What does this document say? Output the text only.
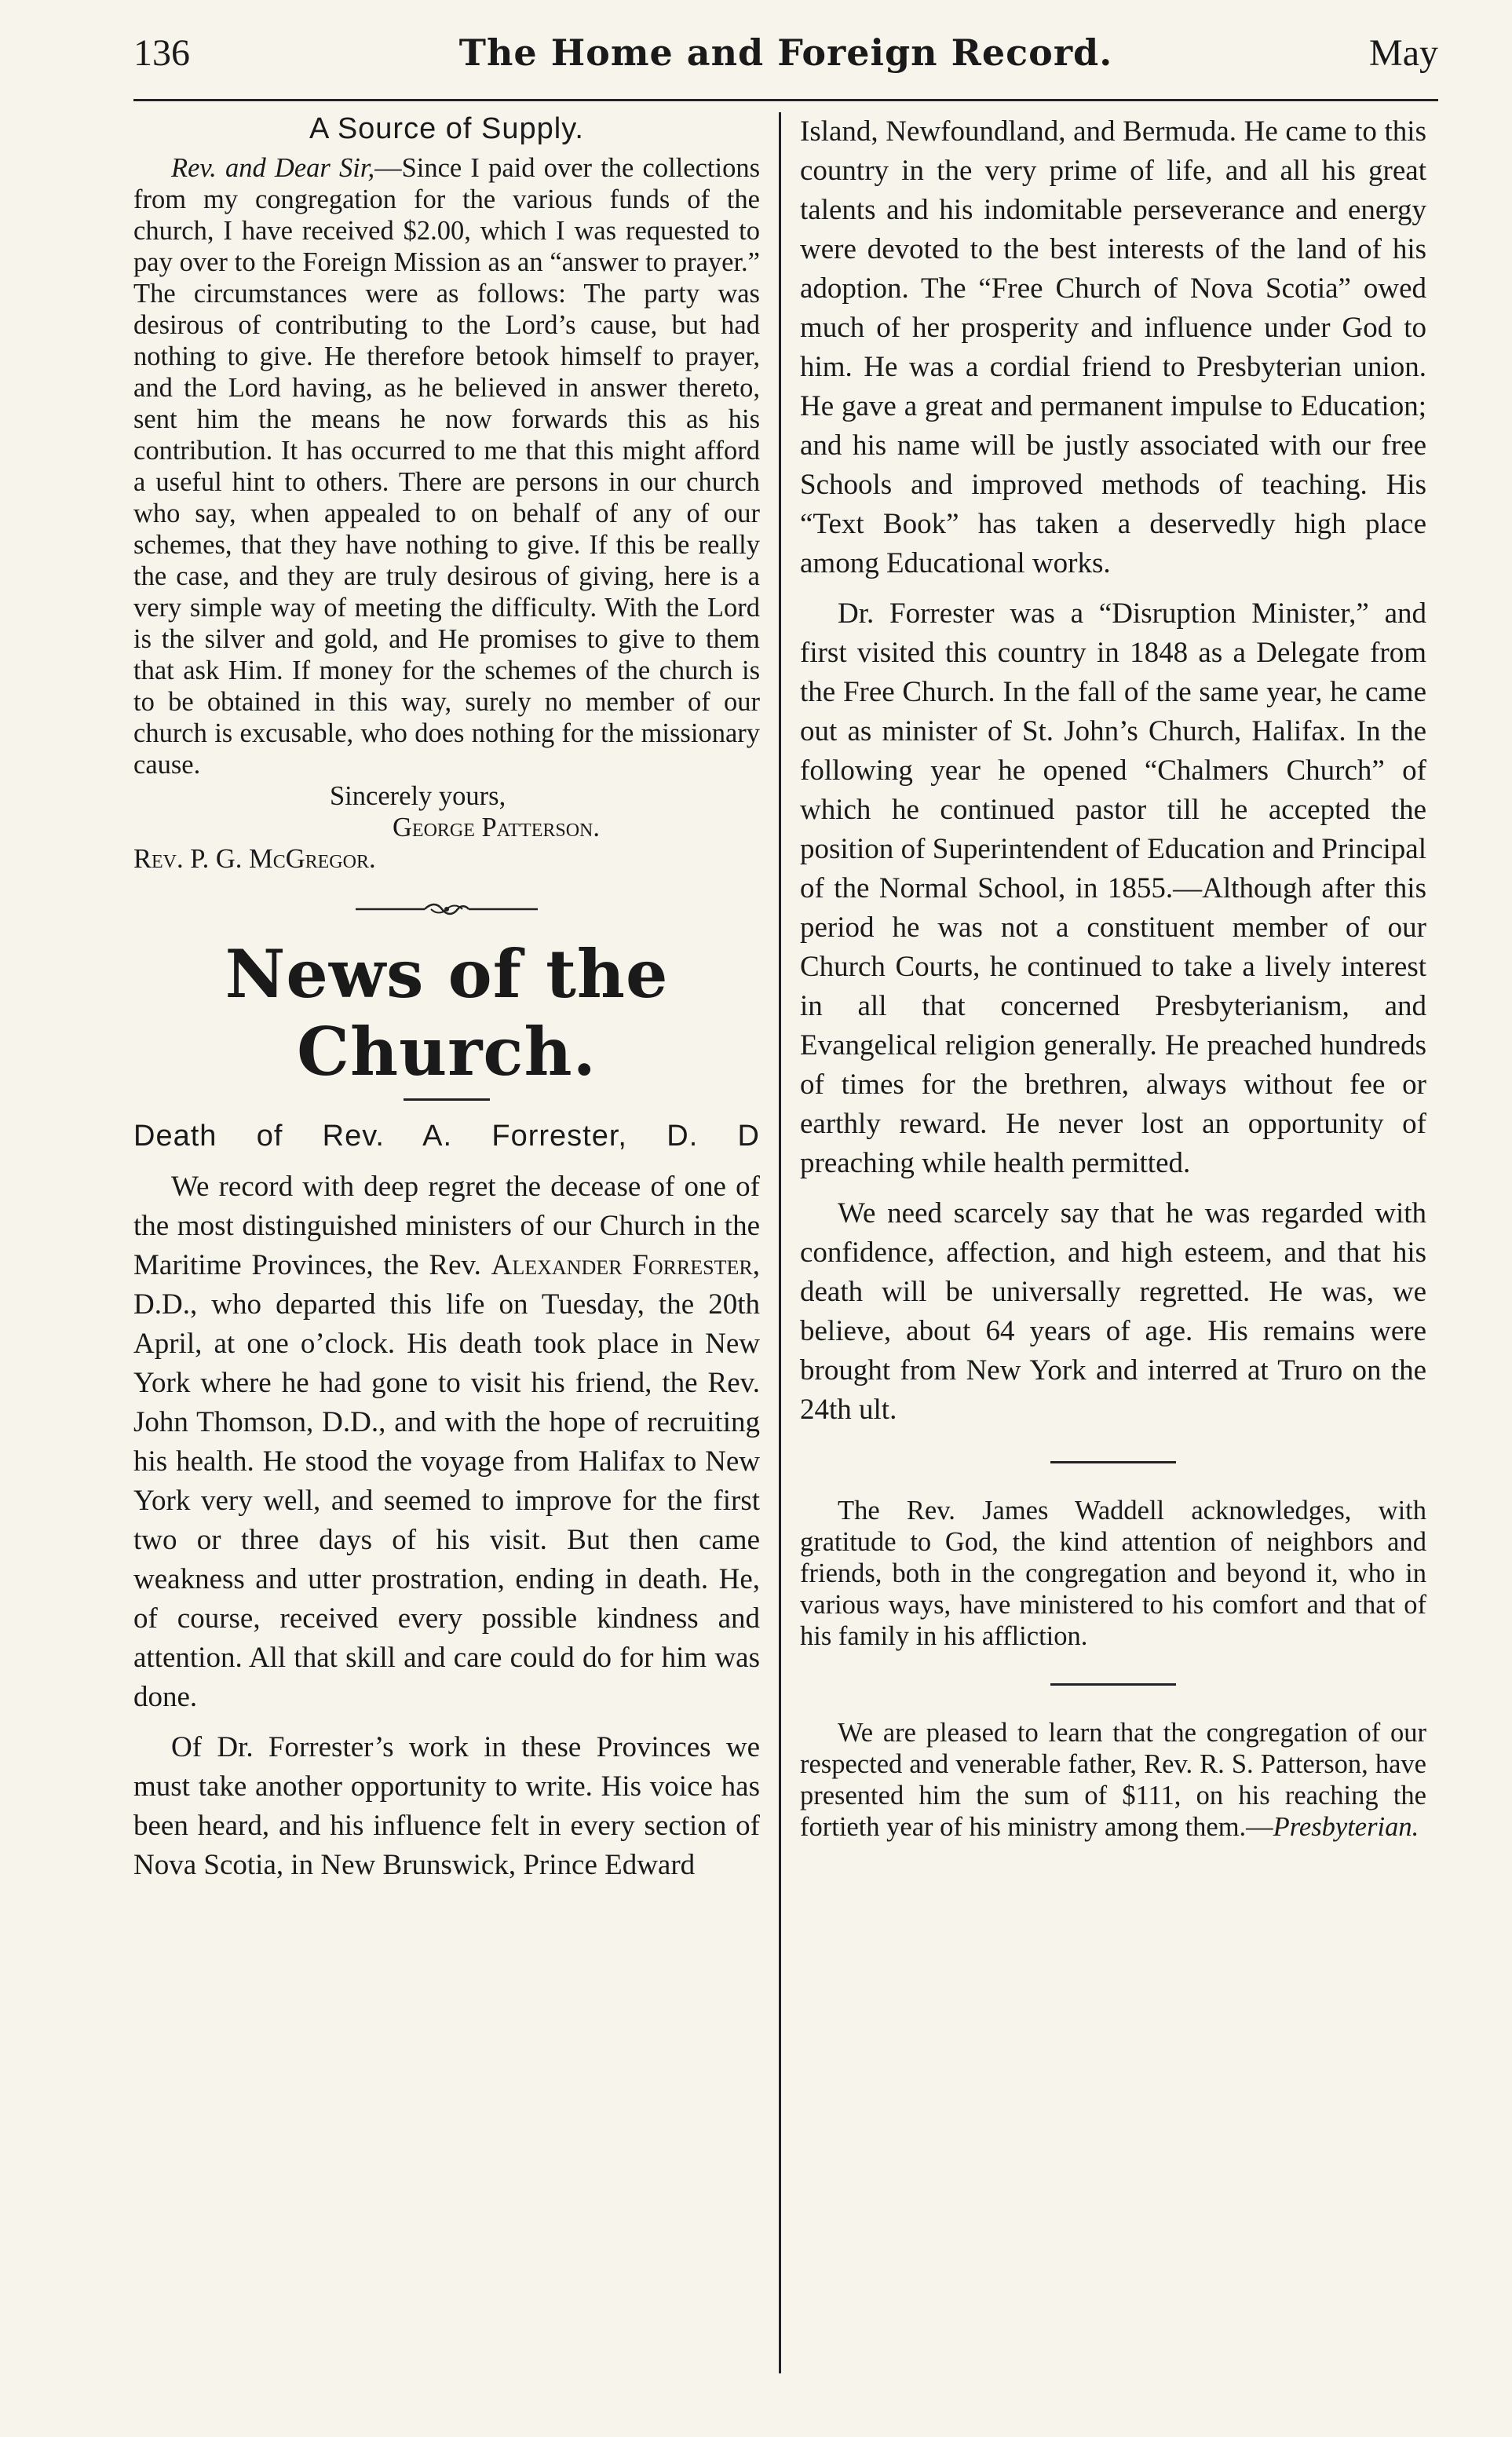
136	The Home and Foreign Record.	May
A Source of Supply.

Rev. and Dear Sir,—Since I paid over the collections from my congregation for the various funds of the church, I have received $2.00, which I was requested to pay over to the Foreign Mission as an “answer to prayer.” The circumstances were as follows: The party was desirous of contributing to the Lord’s cause, but had nothing to give. He therefore betook himself to prayer, and the Lord having, as he believed in answer thereto, sent him the means he now forwards this as his contribution. It has occurred to me that this might afford a useful hint to others. There are persons in our church who say, when appealed to on behalf of any of our schemes, that they have nothing to give. If this be really the case, and they are truly desirous of giving, here is a very simple way of meeting the difficulty. With the Lord is the silver and gold, and He promises to give to them that ask Him. If money for the schemes of the church is to be obtained in this way, surely no member of our church is excusable, who does nothing for the missionary cause.

Sincerely yours,
George Patterson.
Rev. P. G. McGregor.
News of the Church.
Death of Rev. A. Forrester, D. D

We record with deep regret the decease of one of the most distinguished ministers of our Church in the Maritime Provinces, the Rev. Alexander Forrester, D.D., who departed this life on Tuesday, the 20th April, at one o’clock. His death took place in New York where he had gone to visit his friend, the Rev. John Thomson, D.D., and with the hope of recruiting his health. He stood the voyage from Halifax to New York very well, and seemed to improve for the first two or three days of his visit. But then came weakness and utter prostration, ending in death. He, of course, received every possible kindness and attention. All that skill and care could do for him was done.

Of Dr. Forrester’s work in these Provinces we must take another opportunity to write. His voice has been heard, and his influence felt in every section of Nova Scotia, in New Brunswick, Prince Edward

Island, Newfoundland, and Bermuda. He came to this country in the very prime of life, and all his great talents and his indomitable perseverance and energy were devoted to the best interests of the land of his adoption. The “Free Church of Nova Scotia” owed much of her prosperity and influence under God to him. He was a cordial friend to Presbyterian union. He gave a great and permanent impulse to Education; and his name will be justly associated with our free Schools and improved methods of teaching. His “Text Book” has taken a deservedly high place among Educational works.

Dr. Forrester was a “Disruption Minister,” and first visited this country in 1848 as a Delegate from the Free Church. In the fall of the same year, he came out as minister of St. John’s Church, Halifax. In the following year he opened “Chalmers Church” of which he continued pastor till he accepted the position of Superintendent of Education and Principal of the Normal School, in 1855.—Although after this period he was not a constituent member of our Church Courts, he continued to take a lively interest in all that concerned Presbyterianism, and Evangelical religion generally. He preached hundreds of times for the brethren, always without fee or earthly reward. He never lost an opportunity of preaching while health permitted.

We need scarcely say that he was regarded with confidence, affection, and high esteem, and that his death will be universally regretted. He was, we believe, about 64 years of age. His remains were brought from New York and interred at Truro on the 24th ult.

The Rev. James Waddell acknowledges, with gratitude to God, the kind attention of neighbors and friends, both in the congregation and beyond it, who in various ways, have ministered to his comfort and that of his family in his affliction.

We are pleased to learn that the congregation of our respected and venerable father, Rev. R. S. Patterson, have presented him the sum of $111, on his reaching the fortieth year of his ministry among them.—Presbyterian.
